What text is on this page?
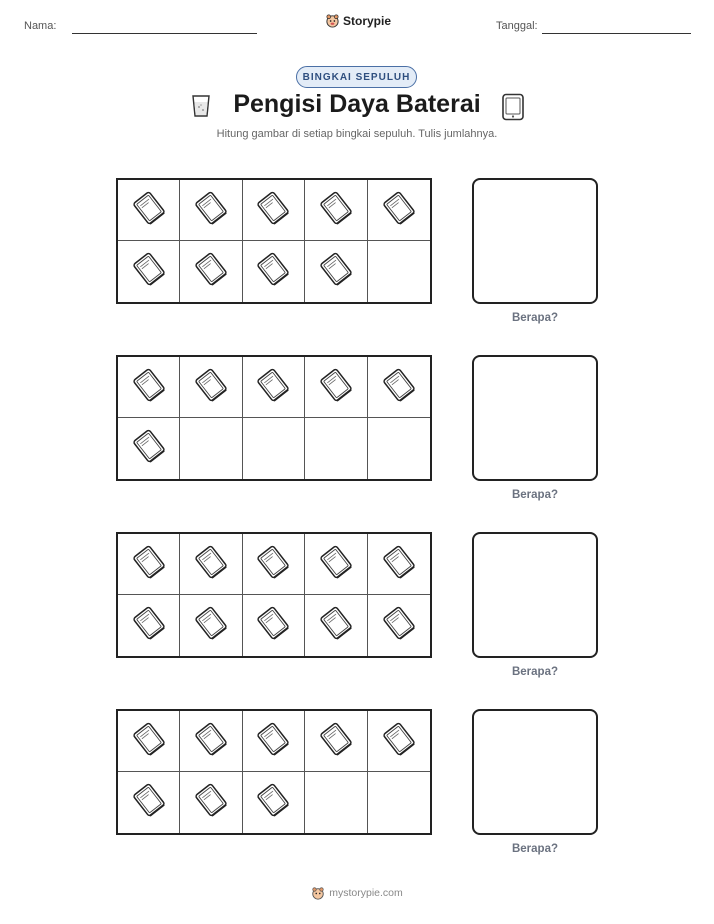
Nama:	Storypie	Tanggal:
BINGKAI SEPULUH
Pengisi Daya Baterai
Hitung gambar di setiap bingkai sepuluh. Tulis jumlahnya.
Berapa?
Berapa?
Berapa?
Berapa?
mystorypie.com
